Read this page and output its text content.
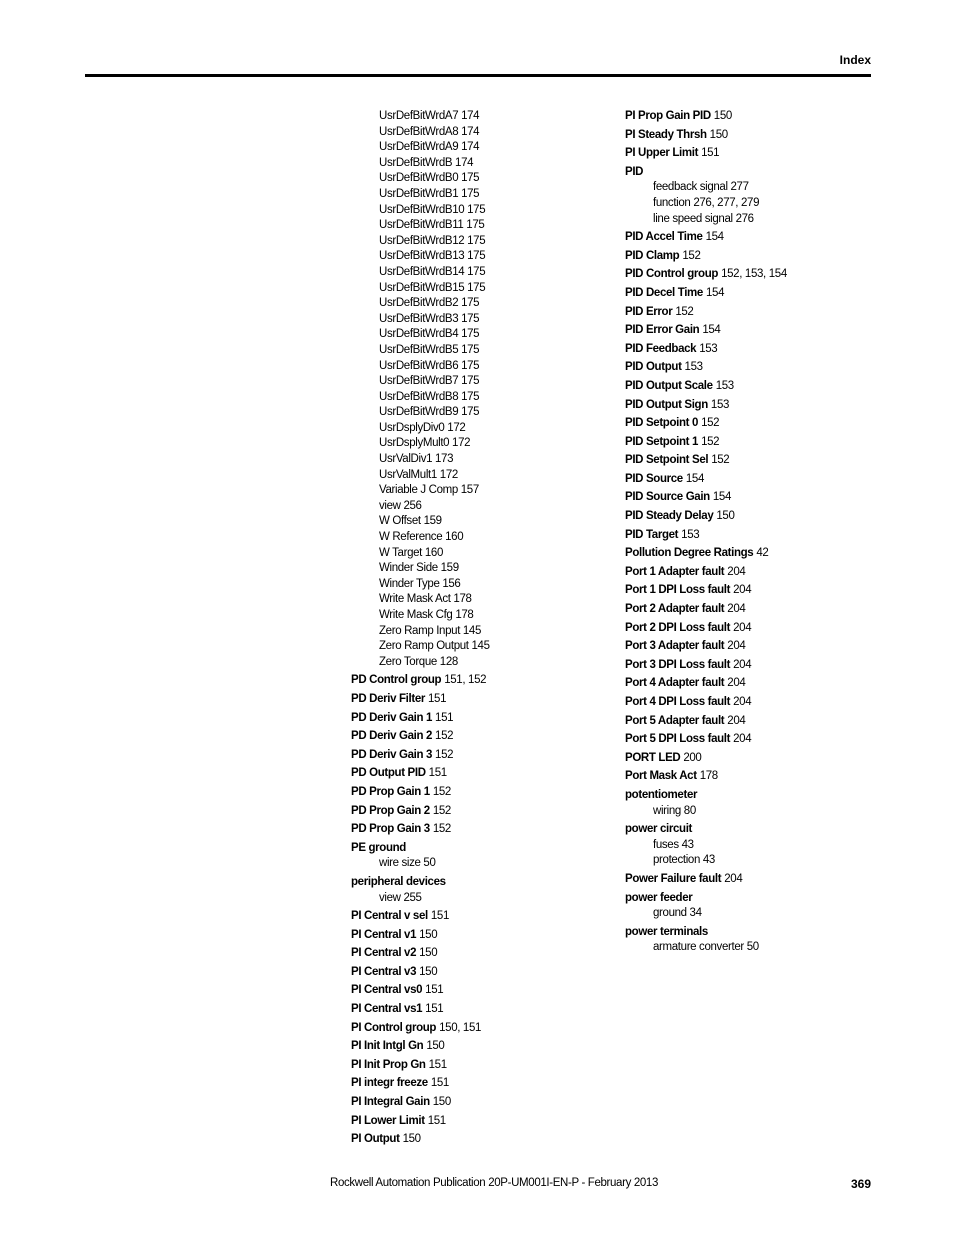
Index
UsrDefBitWrdA7 174
UsrDefBitWrdA8 174
UsrDefBitWrdA9 174
UsrDefBitWrdB 174
UsrDefBitWrdB0 175
UsrDefBitWrdB1 175
UsrDefBitWrdB10 175
UsrDefBitWrdB11 175
UsrDefBitWrdB12 175
UsrDefBitWrdB13 175
UsrDefBitWrdB14 175
UsrDefBitWrdB15 175
UsrDefBitWrdB2 175
UsrDefBitWrdB3 175
UsrDefBitWrdB4 175
UsrDefBitWrdB5 175
UsrDefBitWrdB6 175
UsrDefBitWrdB7 175
UsrDefBitWrdB8 175
UsrDefBitWrdB9 175
UsrDsplyDiv0 172
UsrDsplyMult0 172
UsrValDiv1 173
UsrValMult1 172
Variable J Comp 157
view 256
W Offset 159
W Reference 160
W Target 160
Winder Side 159
Winder Type 156
Write Mask Act 178
Write Mask Cfg 178
Zero Ramp Input 145
Zero Ramp Output 145
Zero Torque 128
PD Control group 151, 152
PD Deriv Filter 151
PD Deriv Gain 1 151
PD Deriv Gain 2 152
PD Deriv Gain 3 152
PD Output PID 151
PD Prop Gain 1 152
PD Prop Gain 2 152
PD Prop Gain 3 152
PE ground
wire size 50
peripheral devices
view 255
PI Central v sel 151
PI Central v1 150
PI Central v2 150
PI Central v3 150
PI Central vs0 151
PI Central vs1 151
PI Control group 150, 151
PI Init Intgl Gn 150
PI Init Prop Gn 151
PI integr freeze 151
PI Integral Gain 150
PI Lower Limit 151
PI Output 150
PI Prop Gain PID 150
PI Steady Thrsh 150
PI Upper Limit 151
PID
feedback signal 277
function 276, 277, 279
line speed signal 276
PID Accel Time 154
PID Clamp 152
PID Control group 152, 153, 154
PID Decel Time 154
PID Error 152
PID Error Gain 154
PID Feedback 153
PID Output 153
PID Output Scale 153
PID Output Sign 153
PID Setpoint 0 152
PID Setpoint 1 152
PID Setpoint Sel 152
PID Source 154
PID Source Gain 154
PID Steady Delay 150
PID Target 153
Pollution Degree Ratings 42
Port 1 Adapter fault 204
Port 1 DPI Loss fault 204
Port 2 Adapter fault 204
Port 2 DPI Loss fault 204
Port 3 Adapter fault 204
Port 3 DPI Loss fault 204
Port 4 Adapter fault 204
Port 4 DPI Loss fault 204
Port 5 Adapter fault 204
Port 5 DPI Loss fault 204
PORT LED 200
Port Mask Act 178
potentiometer
wiring 80
power circuit
fuses 43
protection 43
Power Failure fault 204
power feeder
ground 34
power terminals
armature converter 50
Rockwell Automation Publication 20P-UM001I-EN-P - February 2013	369
